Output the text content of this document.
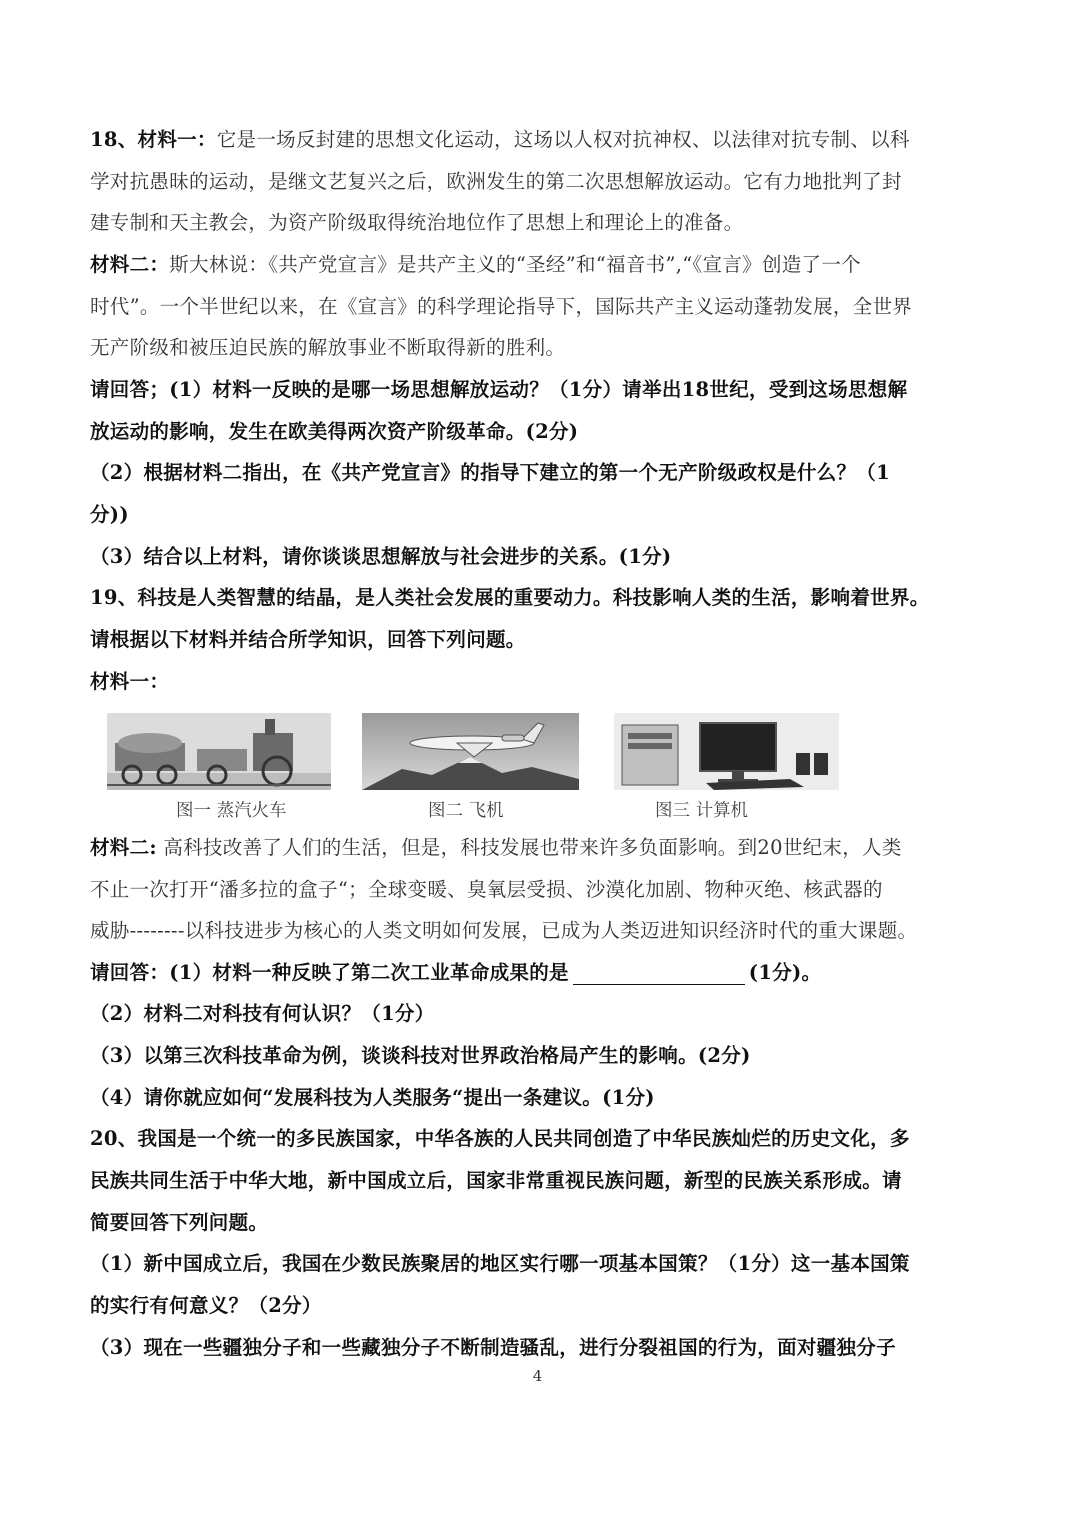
18、材料一：它是一场反封建的思想文化运动，这场以人权对抗神权、以法律对抗专制、以科
学对抗愚昧的运动，是继文艺复兴之后，欧洲发生的第二次思想解放运动。它有力地批判了封
建专制和天主教会，为资产阶级取得统治地位作了思想上和理论上的准备。
材料二：斯大林说：《共产党宣言》是共产主义的“圣经”和“福音书”,“《宣言》创造了一个
时代”。一个半世纪以来，在《宣言》的科学理论指导下，国际共产主义运动蓬勃发展，全世界
无产阶级和被压迫民族的解放事业不断取得新的胜利。
请回答；(1）材料一反映的是哪一场思想解放运动？（1分）请举出18世纪，受到这场思想解
放运动的影响，发生在欧美得两次资产阶级革命。(2分)
（2）根据材料二指出，在《共产党宣言》的指导下建立的第一个无产阶级政权是什么？（1
分))
（3）结合以上材料，请你谈谈思想解放与社会进步的关系。(1分)
19、科技是人类智慧的结晶，是人类社会发展的重要动力。科技影响人类的生活，影响着世界。
请根据以下材料并结合所学知识，回答下列问题。
材料一：
图一 蒸汽火车	图二 飞机	图三 计算机
材料二: 高科技改善了人们的生活，但是，科技发展也带来许多负面影响。到20世纪末，人类
不止一次打开“潘多拉的盒子“；全球变暖、臭氧层受损、沙漠化加剧、物种灭绝、核武器的
威胁--------以科技进步为核心的人类文明如何发展，已成为人类迈进知识经济时代的重大课题。
请回答：(1）材料一种反映了第二次工业革命成果的是	(1分)。
（2）材料二对科技有何认识？（1分）
（3）以第三次科技革命为例，谈谈科技对世界政治格局产生的影响。(2分)
（4）请你就应如何“发展科技为人类服务“提出一条建议。(1分)
20、我国是一个统一的多民族国家，中华各族的人民共同创造了中华民族灿烂的历史文化，多
民族共同生活于中华大地，新中国成立后，国家非常重视民族问题，新型的民族关系形成。请
简要回答下列问题。
（1）新中国成立后，我国在少数民族聚居的地区实行哪一项基本国策？（1分）这一基本国策
的实行有何意义？（2分）
（3）现在一些疆独分子和一些藏独分子不断制造骚乱，进行分裂祖国的行为，面对疆独分子
4
